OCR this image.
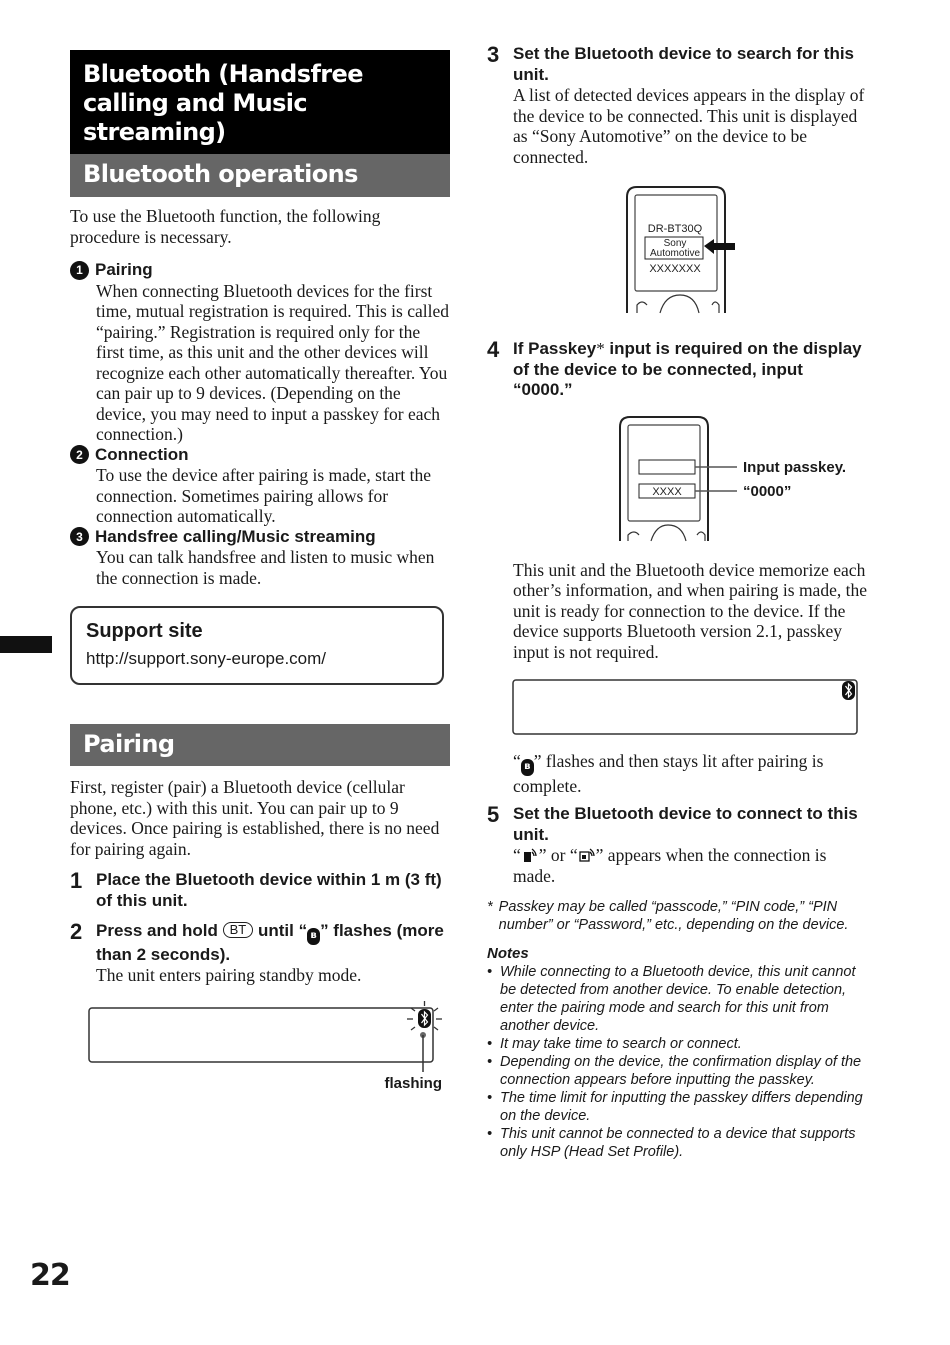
Bluetooth (Handsfree calling and Music streaming)
Bluetooth operations

To use the Bluetooth function, the following procedure is necessary.

1 Pairing

When connecting Bluetooth devices for the first time, mutual registration is required. This is called “pairing.” Registration is required only for the first time, as this unit and the other devices will recognize each other automatically thereafter. You can pair up to 9 devices. (Depending on the device, you may need to input a passkey for each connection.)

2 Connection

To use the device after pairing is made, start the connection. Sometimes pairing allows for connection automatically.

3 Handsfree calling/Music streaming

You can talk handsfree and listen to music when the connection is made.

Support site
http://support.sony-europe.com/
Pairing

First, register (pair) a Bluetooth device (cellular phone, etc.) with this unit. You can pair up to 9 devices. Once pairing is established, there is no need for pairing again.

1 Place the Bluetooth device within 1 m (3 ft) of this unit.
2 Press and hold BT until “ ʙ ” flashes (more than 2 seconds).

The unit enters pairing standby mode.

flashing
3 Set the Bluetooth device to search for this unit.

A list of detected devices appears in the display of the device to be connected. This unit is displayed as “Sony Automotive” on the device to be connected.

DR-BT30Q
Sony
Automotive
XXXXXXX
4 If Passkey* input is required on the display of the device to be connected, input “0000.”
XXXX
Input passkey.
“0000”

This unit and the Bluetooth device memorize each other’s information, and when pairing is made, the unit is ready for connection to the device. If the device supports Bluetooth version 2.1, passkey input is not required.

“ ʙ ” flashes and then stays lit after pairing is complete.

5 Set the Bluetooth device to connect to this unit.

“ ” or “ ” appears when the connection is made.

* Passkey may be called “passcode,” “PIN code,” “PIN number” or “Password,” etc., depending on the device.
Notes
• While connecting to a Bluetooth device, this unit cannot be detected from another device. To enable detection, enter the pairing mode and search for this unit from another device.
• It may take time to search or connect.
• Depending on the device, the confirmation display of the connection appears before inputting the passkey.
• The time limit for inputting the passkey differs depending on the device.
• This unit cannot be connected to a device that supports only HSP (Head Set Profile).
22
